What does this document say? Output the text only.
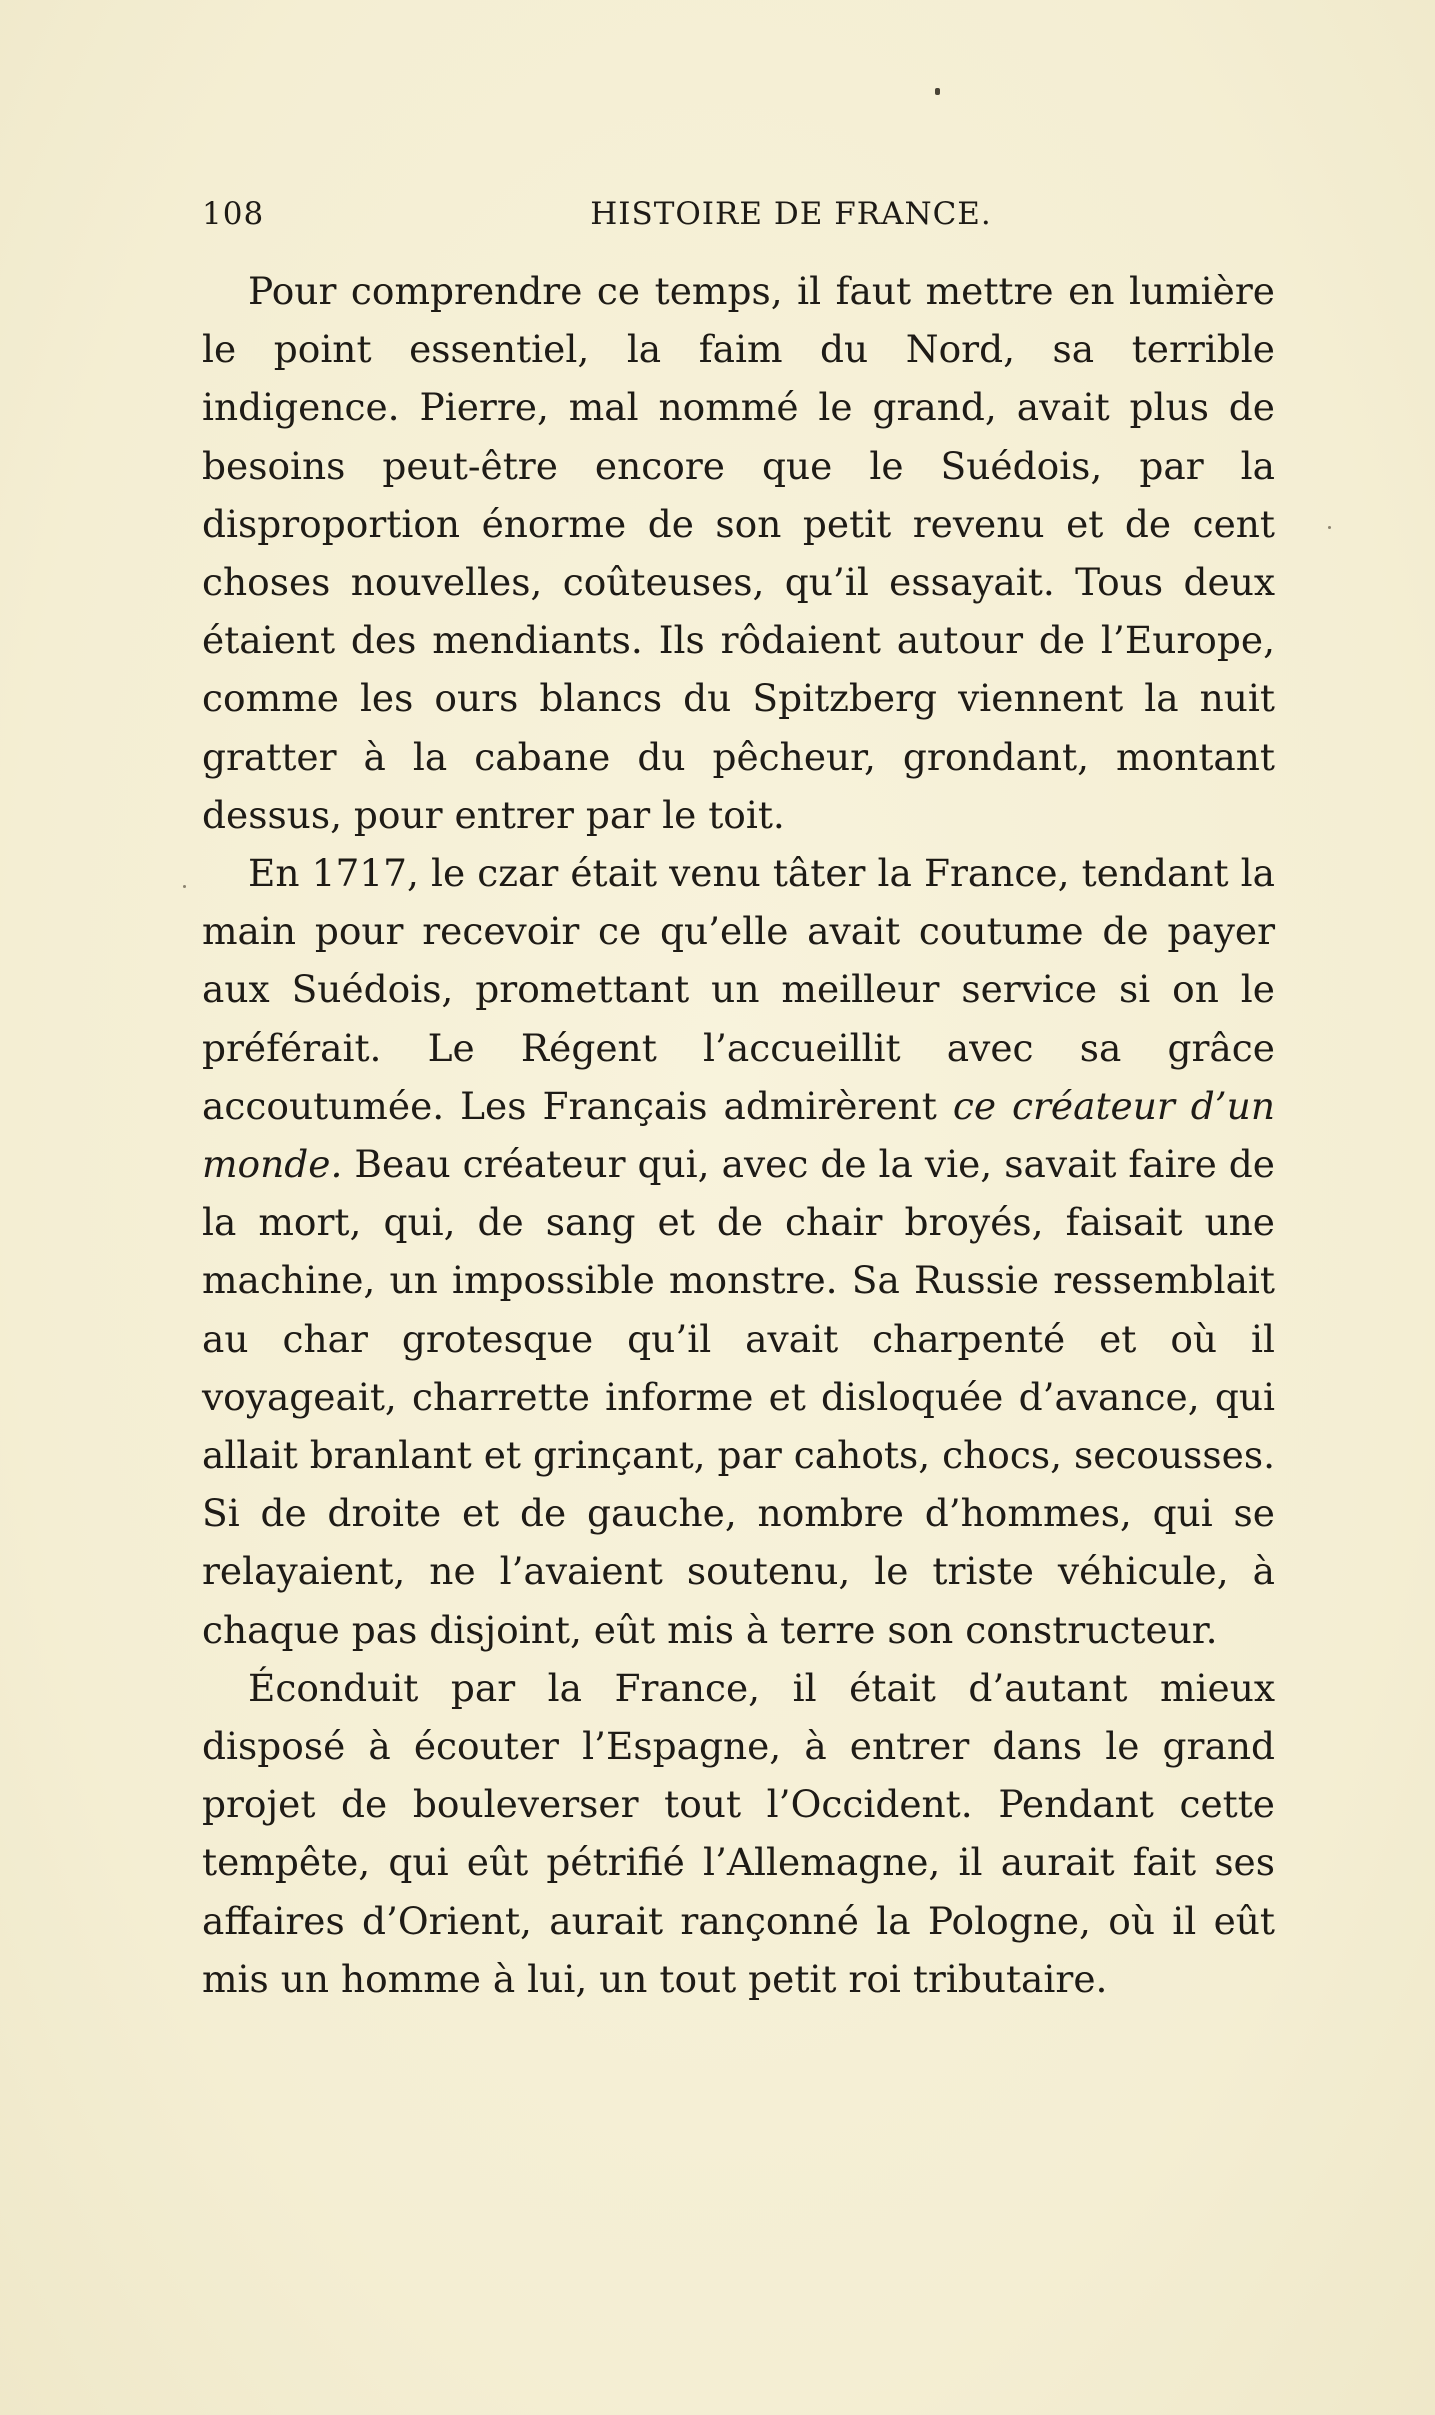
108	HISTOIRE DE FRANCE.

Pour comprendre ce temps, il faut mettre en lumière le point essentiel, la faim du Nord, sa terrible indigence. Pierre, mal nommé le grand, avait plus de besoins peut-être encore que le Suédois, par la disproportion énorme de son petit revenu et de cent choses nouvelles, coûteuses, qu’il essayait. Tous deux étaient des mendiants. Ils rôdaient autour de l’Europe, comme les ours blancs du Spitzberg viennent la nuit gratter à la cabane du pêcheur, grondant, montant dessus, pour entrer par le toit.

En 1717, le czar était venu tâter la France, tendant la main pour recevoir ce qu’elle avait coutume de payer aux Suédois, promettant un meilleur service si on le préférait. Le Régent l’accueillit avec sa grâce accoutumée. Les Français admirèrent ce créateur d’un monde. Beau créateur qui, avec de la vie, savait faire de la mort, qui, de sang et de chair broyés, faisait une machine, un impossible monstre. Sa Russie ressemblait au char grotesque qu’il avait charpenté et où il voyageait, charrette informe et disloquée d’avance, qui allait branlant et grinçant, par cahots, chocs, secousses. Si de droite et de gauche, nombre d’hommes, qui se relayaient, ne l’avaient soutenu, le triste véhicule, à chaque pas disjoint, eût mis à terre son constructeur.

Éconduit par la France, il était d’autant mieux disposé à écouter l’Espagne, à entrer dans le grand projet de bouleverser tout l’Occident. Pendant cette tempête, qui eût pétrifié l’Allemagne, il aurait fait ses affaires d’Orient, aurait rançonné la Pologne, où il eût mis un homme à lui, un tout petit roi tributaire.
